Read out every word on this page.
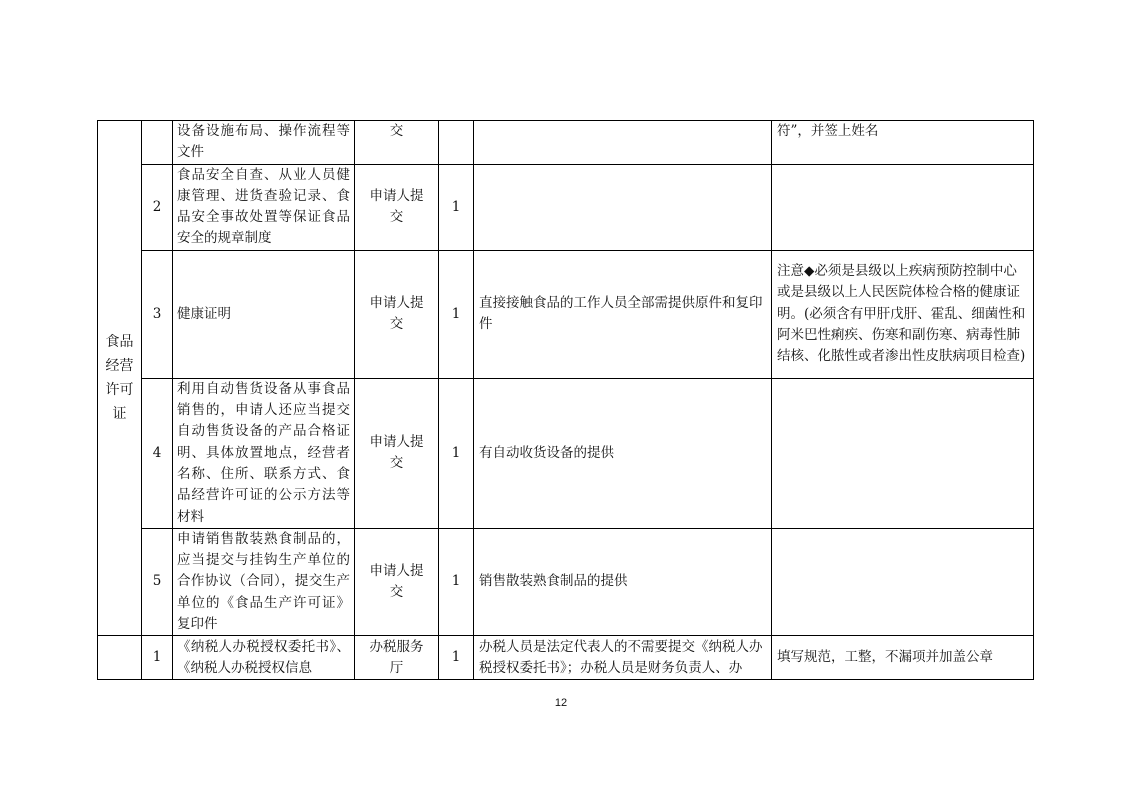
食品经营许可证		设备设施布局、操作流程等文件	交			符”，并签上姓名
	2	食品安全自查、从业人员健康管理、进货查验记录、食品安全事故处置等保证食品安全的规章制度	申请人提交	1		
	3	健康证明	申请人提交	1	直接接触食品的工作人员全部需提供原件和复印件	注意◆必须是县级以上疾病预防控制中心或是县级以上人民医院体检合格的健康证明。(必须含有甲肝戊肝、霍乱、细菌性和阿米巴性痢疾、伤寒和副伤寒、病毒性肺结核、化脓性或者渗出性皮肤病项目检查)
	4	利用自动售货设备从事食品销售的，申请人还应当提交自动售货设备的产品合格证明、具体放置地点，经营者名称、住所、联系方式、食品经营许可证的公示方法等材料	申请人提交	1	有自动收货设备的提供	
	5	申请销售散装熟食制品的，应当提交与挂钩生产单位的合作协议（合同），提交生产单位的《食品生产许可证》复印件	申请人提交	1	销售散装熟食制品的提供	
	1	《纳税人办税授权委托书》、《纳税人办税授权信息	办税服务厅	1	办税人员是法定代表人的不需要提交《纳税人办税授权委托书》；办税人员是财务负责人、办	填写规范，工整，不漏项并加盖公章
12
